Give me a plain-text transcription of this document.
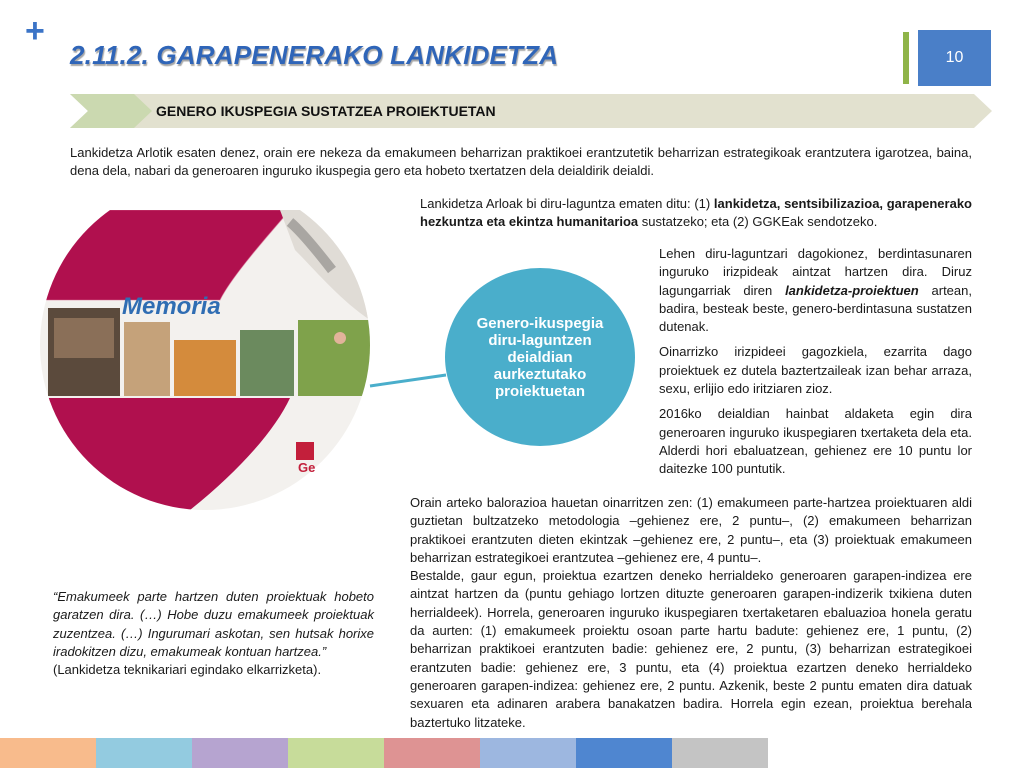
+
2.11.2. GARAPENERAKO LANKIDETZA	10
GENERO IKUSPEGIA SUSTATZEA PROIEKTUETAN

Lankidetza Arlotik esaten denez, orain ere nekeza da emakumeen beharrizan praktikoei erantzutetik beharrizan estrategikoak erantzutera igarotzea, baina, dena dela, nabari da generoaren inguruko ikuspegia gero eta hobeto txertatzen dela deialdirik deialdi.

Lankidetza Arloak bi diru-laguntza ematen ditu: (1) lankidetza, sentsibilizazioa, garapenerako hezkuntza eta ekintza humanitarioa sustatzeko; eta (2) GGKEak sendotzeko.

Lehen diru-laguntzari dagokionez, berdintasunaren inguruko irizpideak aintzat hartzen dira. Diruz lagungarriak diren lankidetza-proiektuen artean, badira, besteak beste, genero-berdintasuna sustatzen dutenak.

Oinarrizko irizpideei gagozkiela, ezarrita dago proiektuek ez dutela baztertzaileak izan behar arraza, sexu, erlijio edo iritziaren zioz.

2016ko deialdian hainbat aldaketa egin dira generoaren inguruko ikuspegiaren txertaketa dela eta. Alderdi hori ebaluatzean, gehienez ere 10 puntu lor daitezke 100 puntutik.

Memoria
Ge
Genero-ikuspegia diru-laguntzen deialdian aurkeztutako proiektuetan

Orain arteko balorazioa hauetan oinarritzen zen: (1) emakumeen parte-hartzea proiektuaren aldi guztietan bultzatzeko metodologia –gehienez ere, 2 puntu–, (2) emakumeen beharrizan praktikoei erantzuten dieten ekintzak –gehienez ere, 2 puntu–, eta (3) proiektuak emakumeen beharrizan estrategikoei erantzutea –gehienez ere, 4 puntu–.

Bestalde, gaur egun, proiektua ezartzen deneko herrialdeko generoaren garapen-indizea ere aintzat hartzen da (puntu gehiago lortzen dituzte generoaren garapen-indizerik txikiena duten herrialdeek). Horrela, generoaren inguruko ikuspegiaren txertaketaren ebaluazioa honela geratu da aurten: (1) emakumeek proiektu osoan parte hartu badute: gehienez ere, 1 puntu, (2) beharrizan praktikoei erantzuten badie: gehienez ere, 2 puntu, (3) beharrizan estrategikoei erantzuten badie: gehienez ere, 3 puntu, eta (4) proiektua ezartzen deneko herrialdeko generoaren garapen-indizea: gehienez ere, 2 puntu. Azkenik, beste 2 puntu ematen dira datuak sexuaren eta adinaren arabera banakatzen badira. Horrela egin ezean, proiektua berehala baztertuko litzateke.

“Emakumeek parte hartzen duten proiektuak hobeto garatzen dira. (…) Hobe duzu emakumeek proiektuak zuzentzea. (…) Ingurumari askotan, sen hutsak horixe iradokitzen dizu, emakumeak kontuan hartzea.”
(Lankidetza teknikariari egindako elkarrizketa).
